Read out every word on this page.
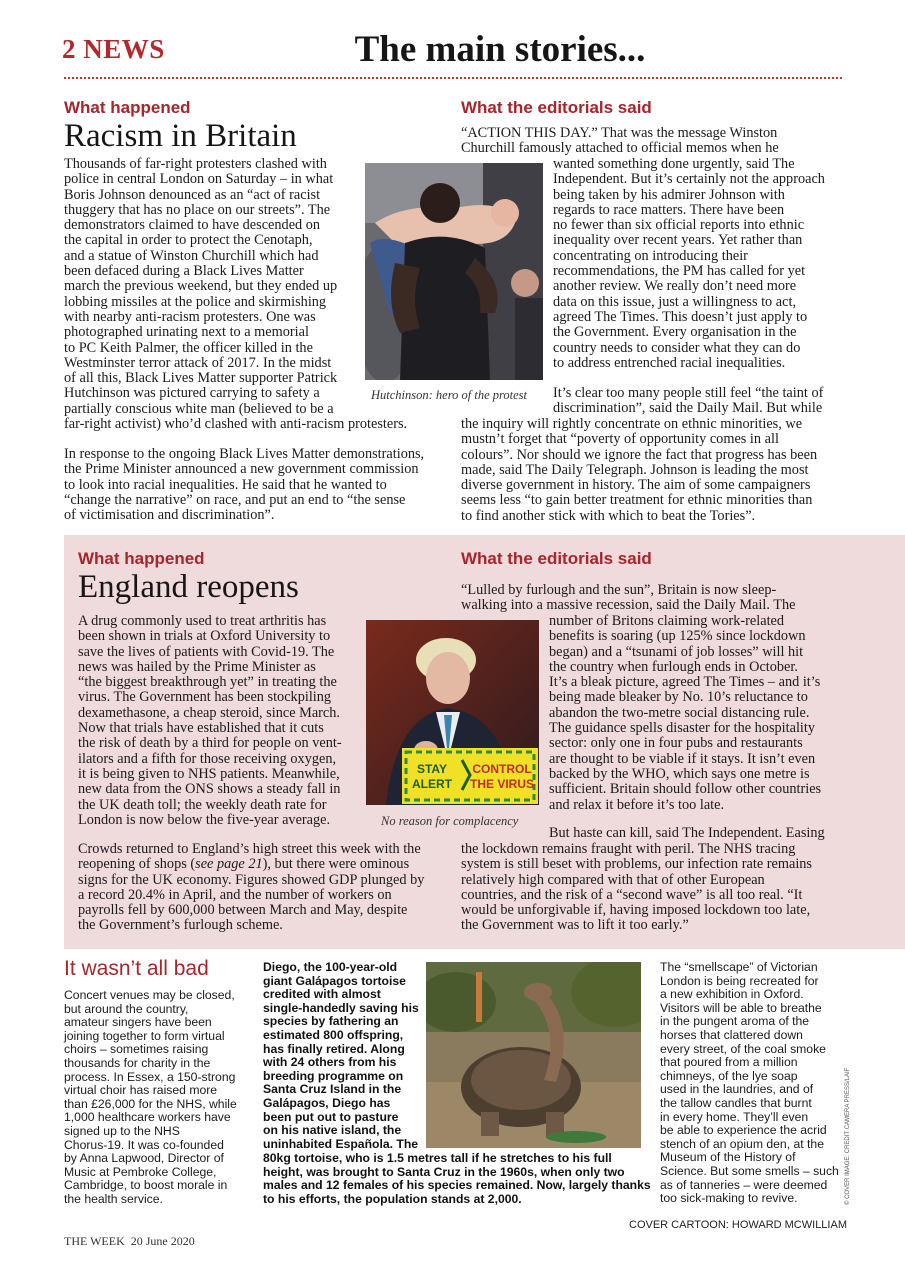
2 NEWS	The main stories...
What happened
Racism in Britain
Thousands of far-right protesters clashed with
police in central London on Saturday – in what
Boris Johnson denounced as an “act of racist
thuggery that has no place on our streets”. The
demonstrators claimed to have descended on
the capital in order to protect the Cenotaph,
and a statue of Winston Churchill which had
been defaced during a Black Lives Matter
march the previous weekend, but they ended up
lobbing missiles at the police and skirmishing
with nearby anti-racism protesters. One was
photographed urinating next to a memorial
to PC Keith Palmer, the officer killed in the
Westminster terror attack of 2017. In the midst
of all this, Black Lives Matter supporter Patrick
Hutchinson was pictured carrying to safety a
partially conscious white man (believed to be a
far-right activist) who’d clashed with anti-racism protesters.
In response to the ongoing Black Lives Matter demonstrations,
the Prime Minister announced a new government commission
to look into racial inequalities. He said that he wanted to
“change the narrative” on race, and put an end to “the sense
of victimisation and discrimination”.
Hutchinson: hero of the protest
What the editorials said
“ACTION THIS DAY.” That was the message Winston
Churchill famously attached to official memos when he
wanted something done urgently, said The
Independent. But it’s certainly not the approach
being taken by his admirer Johnson with
regards to race matters. There have been
no fewer than six official reports into ethnic
inequality over recent years. Yet rather than
concentrating on introducing their
recommendations, the PM has called for yet
another review. We really don’t need more
data on this issue, just a willingness to act,
agreed The Times. This doesn’t just apply to
the Government. Every organisation in the
country needs to consider what they can do
to address entrenched racial inequalities.
It’s clear too many people still feel “the taint of
discrimination”, said the Daily Mail. But while
the inquiry will rightly concentrate on ethnic minorities, we
mustn’t forget that “poverty of opportunity comes in all
colours”. Nor should we ignore the fact that progress has been
made, said The Daily Telegraph. Johnson is leading the most
diverse government in history. The aim of some campaigners
seems less “to gain better treatment for ethnic minorities than
to find another stick with which to beat the Tories”.
What happened
England reopens
A drug commonly used to treat arthritis has
been shown in trials at Oxford University to
save the lives of patients with Covid-19. The
news was hailed by the Prime Minister as
“the biggest breakthrough yet” in treating the
virus. The Government has been stockpiling
dexamethasone, a cheap steroid, since March.
Now that trials have established that it cuts
the risk of death by a third for people on vent-
ilators and a fifth for those receiving oxygen,
it is being given to NHS patients. Meanwhile,
new data from the ONS shows a steady fall in
the UK death toll; the weekly death rate for
London is now below the five-year average.
Crowds returned to England’s high street this week with the
reopening of shops (see page 21), but there were ominous
signs for the UK economy. Figures showed GDP plunged by
a record 20.4% in April, and the number of workers on
payrolls fell by 600,000 between March and May, despite
the Government’s furlough scheme.
STAY
ALERT
CONTROL
THE VIRUS
No reason for complacency
What the editorials said
“Lulled by furlough and the sun”, Britain is now sleep-
walking into a massive recession, said the Daily Mail. The
number of Britons claiming work-related
benefits is soaring (up 125% since lockdown
began) and a “tsunami of job losses” will hit
the country when furlough ends in October.
It’s a bleak picture, agreed The Times – and it’s
being made bleaker by No. 10’s reluctance to
abandon the two-metre social distancing rule.
The guidance spells disaster for the hospitality
sector: only one in four pubs and restaurants
are thought to be viable if it stays. It isn’t even
backed by the WHO, which says one metre is
sufficient. Britain should follow other countries
and relax it before it’s too late.
But haste can kill, said The Independent. Easing
the lockdown remains fraught with peril. The NHS tracing
system is still beset with problems, our infection rate remains
relatively high compared with that of other European
countries, and the risk of a “second wave” is all too real. “It
would be unforgivable if, having imposed lockdown too late,
the Government was to lift it too early.”
It wasn’t all bad
Concert venues may be closed,
but around the country,
amateur singers have been
joining together to form virtual
choirs – sometimes raising
thousands for charity in the
process. In Essex, a 150-strong
virtual choir has raised more
than £26,000 for the NHS, while
1,000 healthcare workers have
signed up to the NHS
Chorus-19. It was co-founded
by Anna Lapwood, Director of
Music at Pembroke College,
Cambridge, to boost morale in
the health service.
Diego, the 100-year-old
giant Galápagos tortoise
credited with almost
single-handedly saving his
species by fathering an
estimated 800 offspring,
has finally retired. Along
with 24 others from his
breeding programme on
Santa Cruz Island in the
Galápagos, Diego has
been put out to pasture
on his native island, the
uninhabited Española. The
80kg tortoise, who is 1.5 metres tall if he stretches to his full
height, was brought to Santa Cruz in the 1960s, when only two
males and 12 females of his species remained. Now, largely thanks
to his efforts, the population stands at 2,000.
The “smellscape” of Victorian
London is being recreated for
a new exhibition in Oxford.
Visitors will be able to breathe
in the pungent aroma of the
horses that clattered down
every street, of the coal smoke
that poured from a million
chimneys, of the lye soap
used in the laundries, and of
the tallow candles that burnt
in every home. They’ll even
be able to experience the acrid
stench of an opium den, at the
Museum of the History of
Science. But some smells – such
as of tanneries – were deemed
too sick-making to revive.	© COVER IMAGE: CREDIT CAMERA PRESS/LAIF
COVER CARTOON: HOWARD MCWILLIAM
THE WEEK  20 June 2020
